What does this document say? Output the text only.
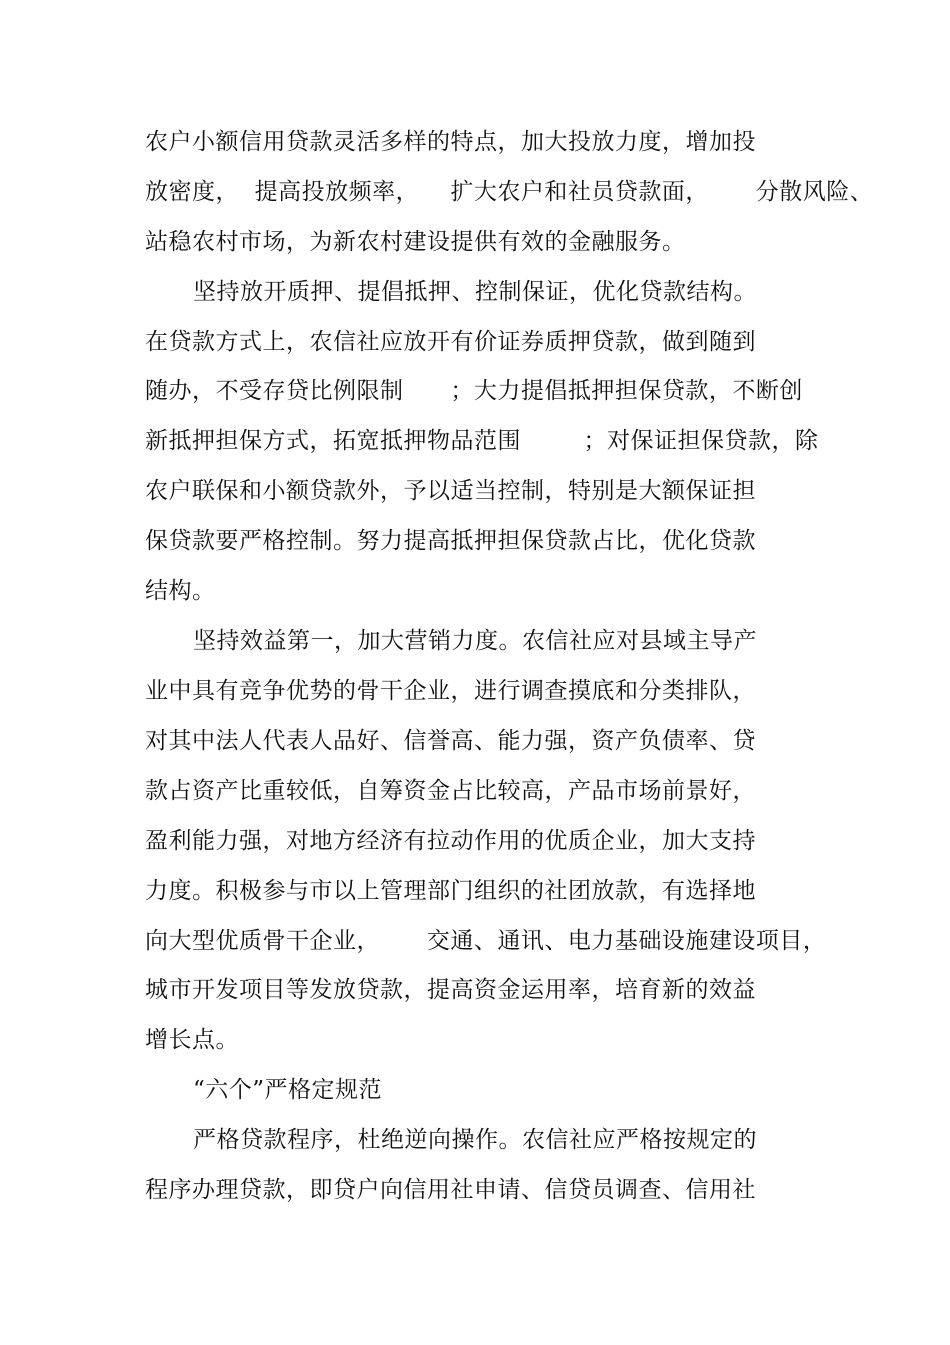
农户小额信用贷款灵活多样的特点，加大投放力度，增加投
放密度，  提高投放频率，    扩大农户和社员贷款面，      分散风险、
站稳农村市场，为新农村建设提供有效的金融服务。
坚持放开质押、提倡抵押、控制保证，优化贷款结构。
在贷款方式上，农信社应放开有价证券质押贷款，做到随到
随办，不受存贷比例限制      ；大力提倡抵押担保贷款，不断创
新抵押担保方式，拓宽抵押物品范围        ；对保证担保贷款，除
农户联保和小额贷款外，予以适当控制，特别是大额保证担
保贷款要严格控制。努力提高抵押担保贷款占比，优化贷款
结构。
坚持效益第一，加大营销力度。农信社应对县域主导产
业中具有竞争优势的骨干企业，进行调查摸底和分类排队，
对其中法人代表人品好、信誉高、能力强，资产负债率、贷
款占资产比重较低，自筹资金占比较高，产品市场前景好，
盈利能力强，对地方经济有拉动作用的优质企业，加大支持
力度。积极参与市以上管理部门组织的社团放款，有选择地
向大型优质骨干企业，      交通、通讯、电力基础设施建设项目，
城市开发项目等发放贷款，提高资金运用率，培育新的效益
增长点。
“六个”严格定规范
严格贷款程序，杜绝逆向操作。农信社应严格按规定的
程序办理贷款，即贷户向信用社申请、信贷员调查、信用社
